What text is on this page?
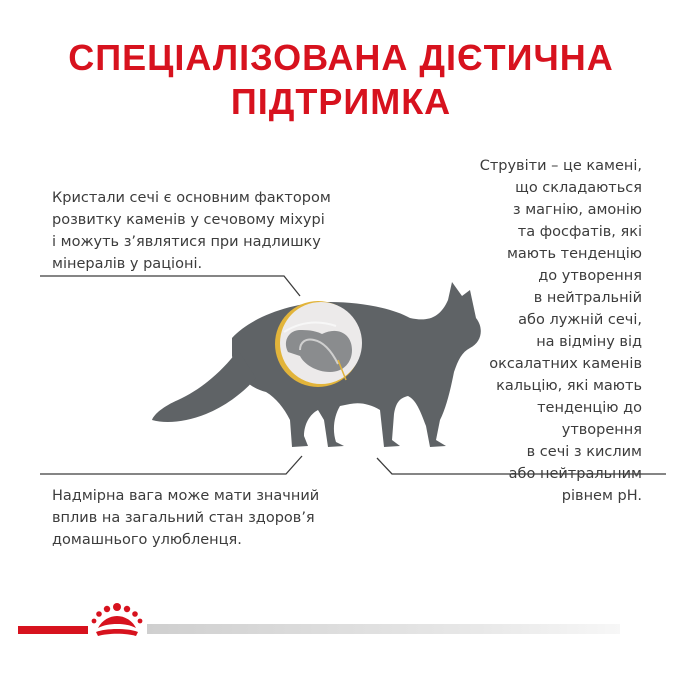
СПЕЦІАЛІЗОВАНА ДІЄТИЧНА
ПІДТРИМКА
Кристали сечі є основним фактором
розвитку каменів у сечовому міхурі
і можуть з’являтися при надлишку
мінералів у раціоні.
Струвіти – це камені,
що складаються
з магнію, амонію
та фосфатів, які
мають тенденцію
до утворення
в нейтральній
або лужній сечі,
на відміну від
оксалатних каменів
кальцію, які мають
тенденцію до
утворення
в сечі з кислим
або нейтральним
рівнем pH.
Надмірна вага може мати значний
вплив на загальний стан здоров’я
домашнього улюбленця.
